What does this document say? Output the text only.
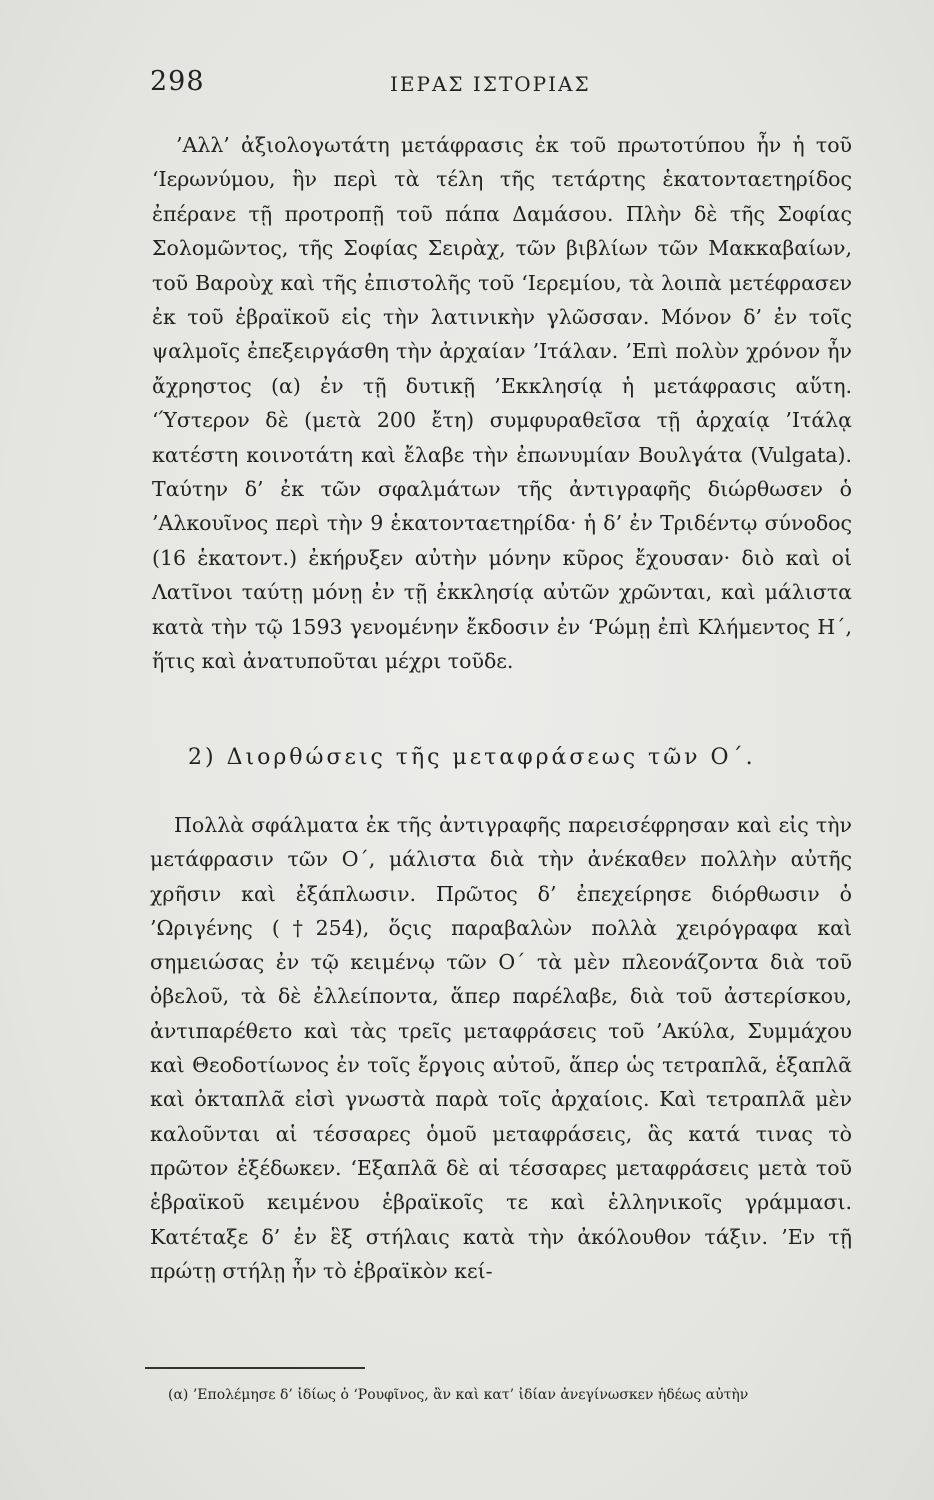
298	ΙΕΡΑΣ ΙΣΤΟΡΙΑΣ

’Αλλ’ ἀξιολογωτάτη μετάφρασις ἐκ τοῦ πρωτοτύπου ἦν ἡ τοῦ ‘Ιερωνύμου, ἣν περὶ τὰ τέλη τῆς τετάρτης ἑκατονταετηρίδος ἐπέρανε τῇ προτροπῇ τοῦ πάπα Δαμάσου. Πλὴν δὲ τῆς Σοφίας Σολομῶντος, τῆς Σοφίας Σειρὰχ, τῶν βιβλίων τῶν Μακκαβαίων, τοῦ Βαροὺχ καὶ τῆς ἐπιστολῆς τοῦ ‘Ιερεμίου, τὰ λοιπὰ μετέφρασεν ἐκ τοῦ ἑβραϊκοῦ εἰς τὴν λατινικὴν γλῶσσαν. Μόνον δ’ ἐν τοῖς ψαλμοῖς ἐπεξειργάσθη τὴν ἀρχαίαν ’Ιτάλαν. ’Επὶ πολὺν χρόνον ἦν ἄχρηστος (α) ἐν τῇ δυτικῇ ’Εκκλησίᾳ ἡ μετάφρασις αὕτη. ‘Ύστερον δὲ (μετὰ 200 ἔτη) συμφυραθεῖσα τῇ ἀρχαίᾳ ’Ιτάλᾳ κατέστη κοινοτάτη καὶ ἔλαβε τὴν ἐπωνυμίαν Βουλγάτα (Vulgata). Ταύτην δ’ ἐκ τῶν σφαλμάτων τῆς ἀντιγραφῆς διώρθωσεν ὁ ’Αλκουῖνος περὶ τὴν 9 ἑκατονταετηρίδα· ἡ δ’ ἐν Τριδέντῳ σύνοδος (16 ἑκατοντ.) ἐκήρυξεν αὐτὴν μόνην κῦρος ἔχουσαν· διὸ καὶ οἱ Λατῖνοι ταύτῃ μόνῃ ἐν τῇ ἐκκλησίᾳ αὐτῶν χρῶνται, καὶ μάλιστα κατὰ τὴν τῷ 1593 γενομένην ἔκδοσιν ἐν ‘Ρώμῃ ἐπὶ Κλήμεντος Η΄, ἥτις καὶ ἀνατυποῦται μέχρι τοῦδε.

2) Διορθώσεις τῆς μεταφράσεως τῶν Ο΄.

Πολλὰ σφάλματα ἐκ τῆς ἀντιγραφῆς παρεισέφρησαν καὶ εἰς τὴν μετάφρασιν τῶν Ο΄, μάλιστα διὰ τὴν ἀνέκαθεν πολλὴν αὐτῆς χρῆσιν καὶ ἐξάπλωσιν. Πρῶτος δ’ ἐπεχείρησε διόρθωσιν ὁ ’Ωριγένης (†254), ὅςις παραβαλὼν πολλὰ χειρόγραφα καὶ σημειώσας ἐν τῷ κειμένῳ τῶν Ο΄ τὰ μὲν πλεονάζοντα διὰ τοῦ ὀβελοῦ, τὰ δὲ ἐλλείποντα, ἅπερ παρέλαβε, διὰ τοῦ ἀστερίσκου, ἀντιπαρέθετο καὶ τὰς τρεῖς μεταφράσεις τοῦ ’Ακύλα, Συμμάχου καὶ Θεοδοτίωνος ἐν τοῖς ἔργοις αὐτοῦ, ἅπερ ὡς τετραπλᾶ, ἑξαπλᾶ καὶ ὀκταπλᾶ εἰσὶ γνωστὰ παρὰ τοῖς ἀρχαίοις. Καὶ τετραπλᾶ μὲν καλοῦνται αἱ τέσσαρες ὁμοῦ μεταφράσεις, ἃς κατά τινας τὸ πρῶτον ἐξέδωκεν. ‘Εξαπλᾶ δὲ αἱ τέσσαρες μεταφράσεις μετὰ τοῦ ἑβραϊκοῦ κειμένου ἑβραϊκοῖς τε καὶ ἑλληνικοῖς γράμμασι. Κατέταξε δ’ ἐν ἓξ στήλαις κατὰ τὴν ἀκόλουθον τάξιν. ’Εν τῇ πρώτῃ στήλῃ ἦν τὸ ἑβραϊκὸν κεί-

(α) ’Επολέμησε δ’ ἰδίως ὁ ‘Ρουφῖνος, ἂν καὶ κατ’ ἰδίαν ἀνεγίνωσκεν ἡδέως αὐτὴν
